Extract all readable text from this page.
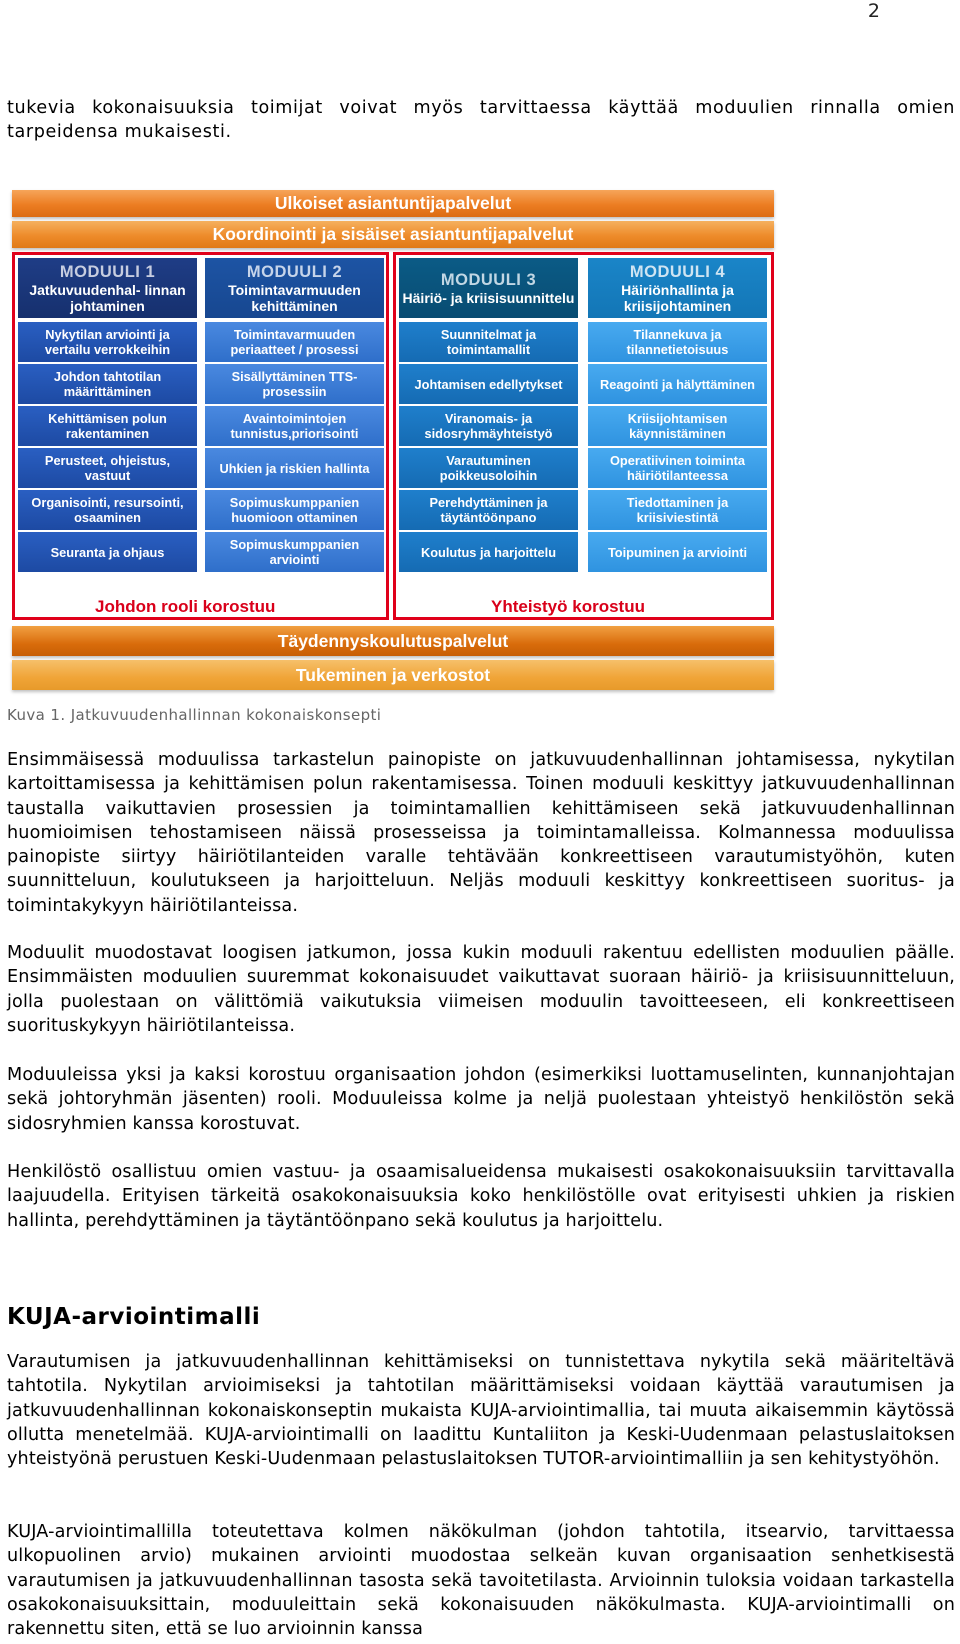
2

tukevia kokonaisuuksia toimijat voivat myös tarvittaessa käyttää moduulien rinnalla omien tarpeidensa mukaisesti.

Ulkoiset asiantuntijapalvelut
Koordinointi ja sisäiset asiantuntijapalvelut
Johdon rooli korostuu	Yhteistyö korostuu
MODUULI 1
Jatkuvuudenhal- linnan johtaminen
Nykytilan arviointi ja vertailu verrokkeihin
Johdon tahtotilan määrittäminen
Kehittämisen polun rakentaminen
Perusteet, ohjeistus, vastuut
Organisointi, resursointi, osaaminen
Seuranta ja ohjaus
MODUULI 2
Toimintavarmuuden kehittäminen
Toimintavarmuuden periaatteet / prosessi
Sisällyttäminen TTS-prosessiin
Avaintoimintojen tunnistus,priorisointi
Uhkien ja riskien hallinta
Sopimuskumppanien huomioon ottaminen
Sopimuskumppanien arviointi
MODUULI 3
Häiriö- ja kriisisuunnittelu
Suunnitelmat ja toimintamallit
Johtamisen edellytykset
Viranomais- ja sidosryhmäyhteistyö
Varautuminen poikkeusoloihin
Perehdyttäminen ja täytäntöönpano
Koulutus ja harjoittelu
MODUULI 4
Häiriönhallinta ja kriisijohtaminen
Tilannekuva ja tilannetietoisuus
Reagointi ja hälyttäminen
Kriisijohtamisen käynnistäminen
Operatiivinen toiminta häiriötilanteessa
Tiedottaminen ja kriisiviestintä
Toipuminen ja arviointi
Täydennyskoulutuspalvelut
Tukeminen ja verkostot
Kuva 1. Jatkuvuudenhallinnan kokonaiskonsepti

Ensimmäisessä moduulissa tarkastelun painopiste on jatkuvuudenhallinnan johtamisessa, nykytilan kartoittamisessa ja kehittämisen polun rakentamisessa. Toinen moduuli keskittyy jatkuvuudenhallinnan taustalla vaikuttavien prosessien ja toimintamallien kehittämiseen sekä jatkuvuudenhallinnan huomioimisen tehostamiseen näissä prosesseissa ja toimintamalleissa. Kolmannessa moduulissa painopiste siirtyy häiriötilanteiden varalle tehtävään konkreettiseen varautumistyöhön, kuten suunnitteluun, koulutukseen ja harjoitteluun. Neljäs moduuli keskittyy konkreettiseen suoritus- ja toimintakykyyn häiriötilanteissa.

Moduulit muodostavat loogisen jatkumon, jossa kukin moduuli rakentuu edellisten moduulien päälle. Ensimmäisten moduulien suuremmat kokonaisuudet vaikuttavat suoraan häiriö- ja kriisisuunnitteluun, jolla puolestaan on välittömiä vaikutuksia viimeisen moduulin tavoitteeseen, eli konkreettiseen suorituskykyyn häiriötilanteissa.

Moduuleissa yksi ja kaksi korostuu organisaation johdon (esimerkiksi luottamuselinten, kunnanjohtajan sekä johtoryhmän jäsenten) rooli. Moduuleissa kolme ja neljä puolestaan yhteistyö henkilöstön sekä sidosryhmien kanssa korostuvat.

Henkilöstö osallistuu omien vastuu- ja osaamisalueidensa mukaisesti osakokonaisuuksiin tarvittavalla laajuudella. Erityisen tärkeitä osakokonaisuuksia koko henkilöstölle ovat erityisesti uhkien ja riskien hallinta, perehdyttäminen ja täytäntöönpano sekä koulutus ja harjoittelu.

KUJA-arviointimalli

Varautumisen ja jatkuvuudenhallinnan kehittämiseksi on tunnistettava nykytila sekä määriteltävä tahtotila. Nykytilan arvioimiseksi ja tahtotilan määrittämiseksi voidaan käyttää varautumisen ja jatkuvuudenhallinnan kokonaiskonseptin mukaista KUJA-arviointimallia, tai muuta aikaisemmin käytössä ollutta menetelmää. KUJA-arviointimalli on laadittu Kuntaliiton ja Keski-Uudenmaan pelastuslaitoksen yhteistyönä perustuen Keski-Uudenmaan pelastuslaitoksen TUTOR-arviointimalliin ja sen kehitystyöhön.

KUJA-arviointimallilla toteutettava kolmen näkökulman (johdon tahtotila, itsearvio, tarvittaessa ulkopuolinen arvio) mukainen arviointi muodostaa selkeän kuvan organisaation senhetkisestä varautumisen ja jatkuvuudenhallinnan tasosta sekä tavoitetilasta. Arvioinnin tuloksia voidaan tarkastella osakokonaisuuksittain, moduuleittain sekä kokonaisuuden näkökulmasta. KUJA-arviointimalli on rakennettu siten, että se luo arvioinnin kanssa
